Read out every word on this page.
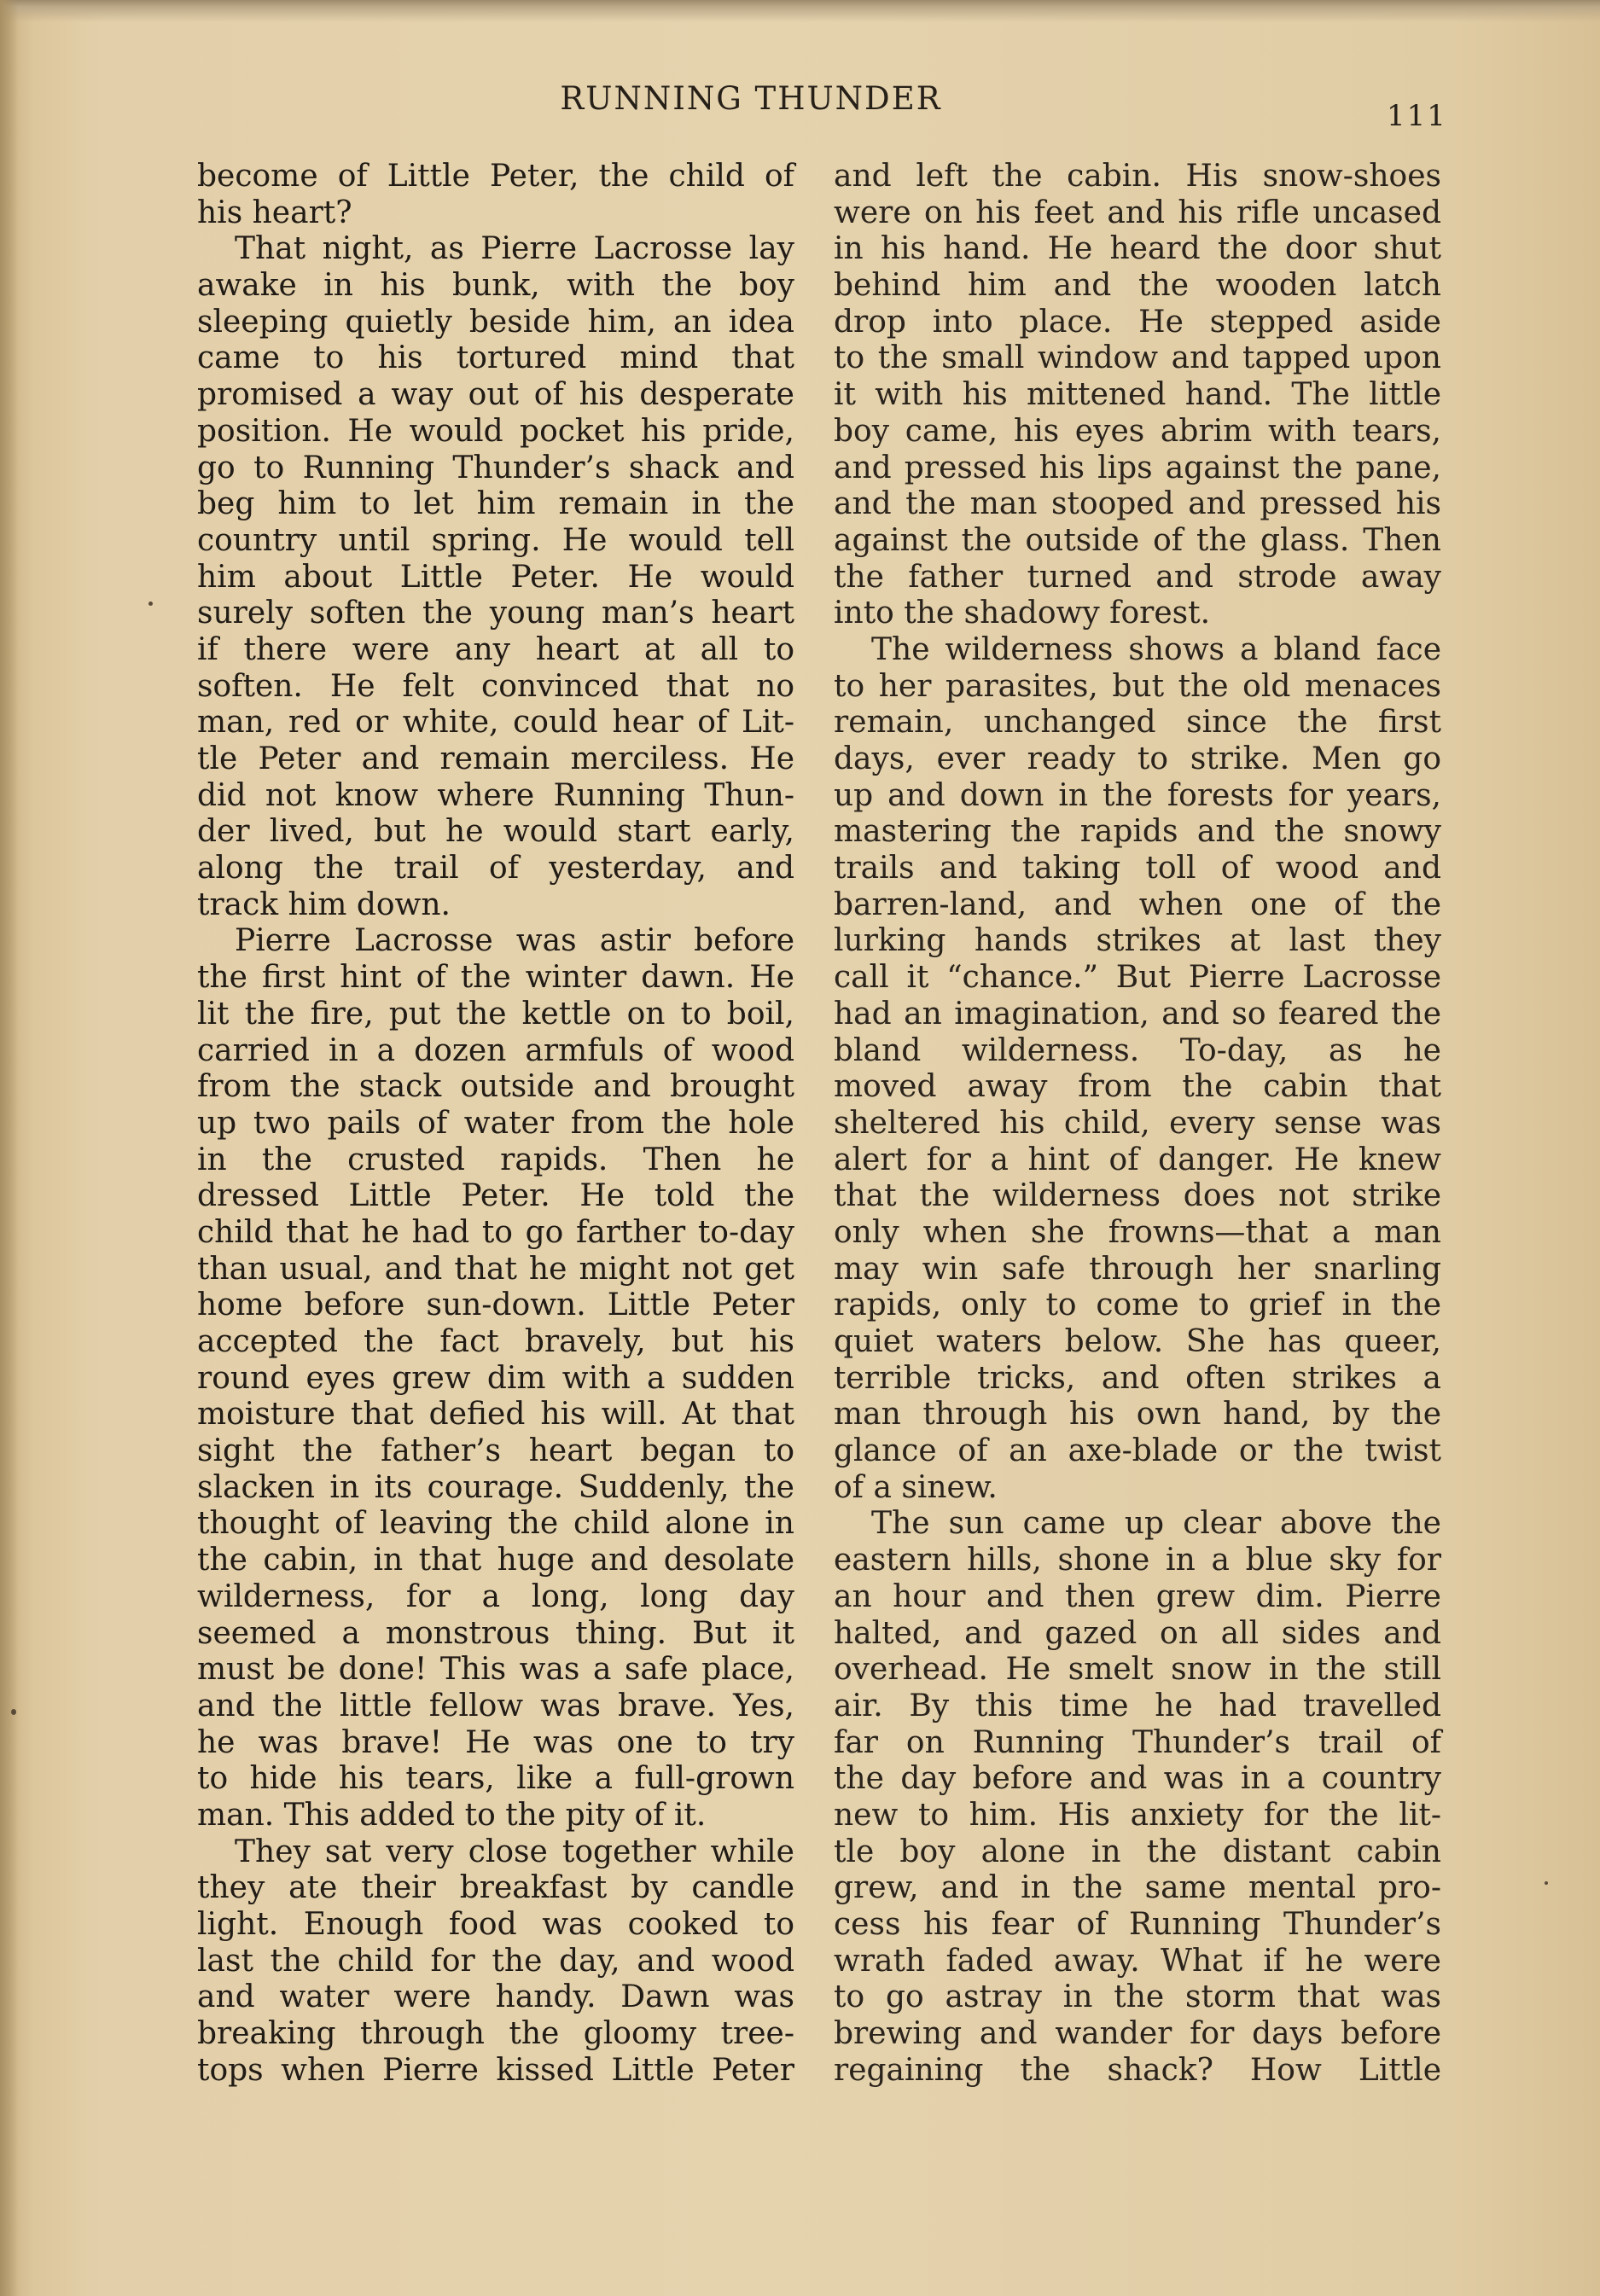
RUNNING THUNDER	111
become of Little Peter, the child of
his heart?
That night, as Pierre Lacrosse lay
awake in his bunk, with the boy
sleeping quietly beside him, an idea
came to his tortured mind that
promised a way out of his desperate
position. He would pocket his pride,
go to Running Thunder’s shack and
beg him to let him remain in the
country until spring. He would tell
him about Little Peter. He would
surely soften the young man’s heart
if there were any heart at all to
soften. He felt convinced that no
man, red or white, could hear of Lit-
tle Peter and remain merciless. He
did not know where Running Thun-
der lived, but he would start early,
along the trail of yesterday, and
track him down.
Pierre Lacrosse was astir before
the first hint of the winter dawn. He
lit the fire, put the kettle on to boil,
carried in a dozen armfuls of wood
from the stack outside and brought
up two pails of water from the hole
in the crusted rapids. Then he
dressed Little Peter. He told the
child that he had to go farther to-day
than usual, and that he might not get
home before sun-down. Little Peter
accepted the fact bravely, but his
round eyes grew dim with a sudden
moisture that defied his will. At that
sight the father’s heart began to
slacken in its courage. Suddenly, the
thought of leaving the child alone in
the cabin, in that huge and desolate
wilderness, for a long, long day
seemed a monstrous thing. But it
must be done! This was a safe place,
and the little fellow was brave. Yes,
he was brave! He was one to try
to hide his tears, like a full-grown
man. This added to the pity of it.
They sat very close together while
they ate their breakfast by candle
light. Enough food was cooked to
last the child for the day, and wood
and water were handy. Dawn was
breaking through the gloomy tree-
tops when Pierre kissed Little Peter
and left the cabin. His snow-shoes
were on his feet and his rifle uncased
in his hand. He heard the door shut
behind him and the wooden latch
drop into place. He stepped aside
to the small window and tapped upon
it with his mittened hand. The little
boy came, his eyes abrim with tears,
and pressed his lips against the pane,
and the man stooped and pressed his
against the outside of the glass. Then
the father turned and strode away
into the shadowy forest.
The wilderness shows a bland face
to her parasites, but the old menaces
remain, unchanged since the first
days, ever ready to strike. Men go
up and down in the forests for years,
mastering the rapids and the snowy
trails and taking toll of wood and
barren-land, and when one of the
lurking hands strikes at last they
call it “chance.” But Pierre Lacrosse
had an imagination, and so feared the
bland wilderness. To-day, as he
moved away from the cabin that
sheltered his child, every sense was
alert for a hint of danger. He knew
that the wilderness does not strike
only when she frowns—that a man
may win safe through her snarling
rapids, only to come to grief in the
quiet waters below. She has queer,
terrible tricks, and often strikes a
man through his own hand, by the
glance of an axe-blade or the twist
of a sinew.
The sun came up clear above the
eastern hills, shone in a blue sky for
an hour and then grew dim. Pierre
halted, and gazed on all sides and
overhead. He smelt snow in the still
air. By this time he had travelled
far on Running Thunder’s trail of
the day before and was in a country
new to him. His anxiety for the lit-
tle boy alone in the distant cabin
grew, and in the same mental pro-
cess his fear of Running Thunder’s
wrath faded away. What if he were
to go astray in the storm that was
brewing and wander for days before
regaining the shack? How Little
